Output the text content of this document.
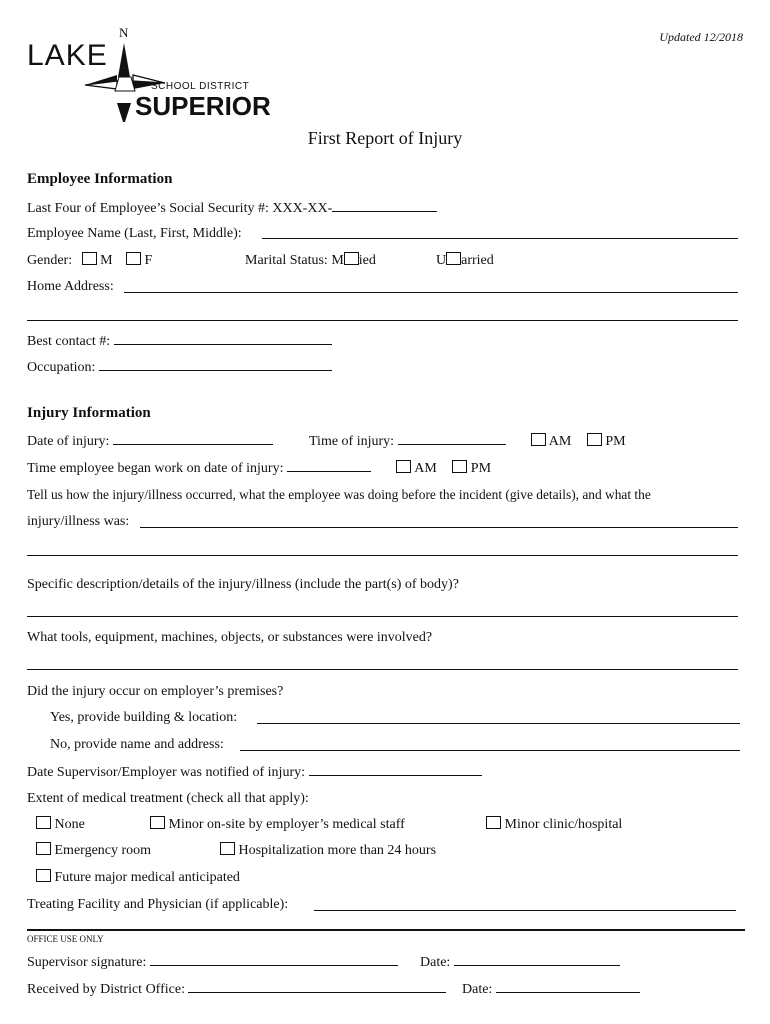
Updated 12/2018
N
LAKE
SCHOOL DISTRICT
SUPERIOR
First Report of Injury
Employee Information
Last Four of Employee’s Social Security #: XXX-XX-
Employee Name (Last, First, Middle):
Gender: M F	Marital Status: M ied	U arried
Home Address:
Best contact #:
Occupation:
Injury Information
Date of injury:	Time of injury:	AM PM
Time employee began work on date of injury:	AM PM
Tell us how the injury/illness occurred, what the employee was doing before the incident (give details), and what the
injury/illness was:
Specific description/details of the injury/illness (include the part(s) of body)?
What tools, equipment, machines, objects, or substances were involved?
Did the injury occur on employer’s premises?
Yes, provide building & location:
No, provide name and address:
Date Supervisor/Employer was notified of injury:
Extent of medical treatment (check all that apply):
None	Minor on-site by employer’s medical staff	Minor clinic/hospital
Emergency room	Hospitalization more than 24 hours
Future major medical anticipated
Treating Facility and Physician (if applicable):
OFFICE USE ONLY
Supervisor signature:	Date:
Received by District Office:	Date:
